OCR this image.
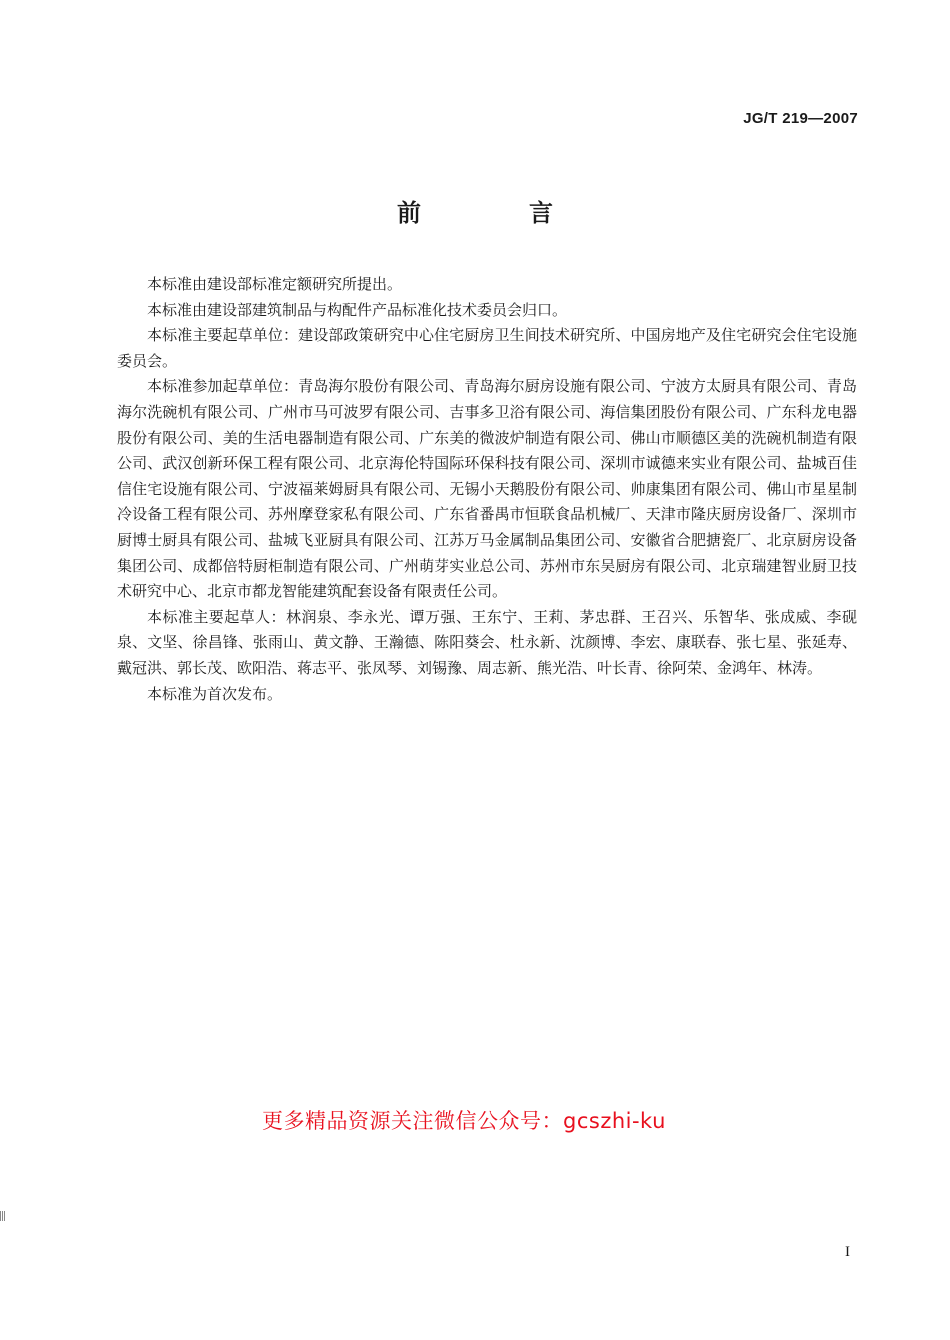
JG/T 219—2007
前　言

本标准由建设部标准定额研究所提出。

本标准由建设部建筑制品与构配件产品标准化技术委员会归口。

本标准主要起草单位：建设部政策研究中心住宅厨房卫生间技术研究所、中国房地产及住宅研究会住宅设施委员会。

本标准参加起草单位：青岛海尔股份有限公司、青岛海尔厨房设施有限公司、宁波方太厨具有限公司、青岛海尔洗碗机有限公司、广州市马可波罗有限公司、吉事多卫浴有限公司、海信集团股份有限公司、广东科龙电器股份有限公司、美的生活电器制造有限公司、广东美的微波炉制造有限公司、佛山市顺德区美的洗碗机制造有限公司、武汉创新环保工程有限公司、北京海伦特国际环保科技有限公司、深圳市诚德来实业有限公司、盐城百佳信住宅设施有限公司、宁波福莱姆厨具有限公司、无锡小天鹅股份有限公司、帅康集团有限公司、佛山市星星制冷设备工程有限公司、苏州摩登家私有限公司、广东省番禺市恒联食品机械厂、天津市隆庆厨房设备厂、深圳市厨博士厨具有限公司、盐城飞亚厨具有限公司、江苏万马金属制品集团公司、安徽省合肥搪瓷厂、北京厨房设备集团公司、成都倍特厨柜制造有限公司、广州萌芽实业总公司、苏州市东吴厨房有限公司、北京瑞建智业厨卫技术研究中心、北京市都龙智能建筑配套设备有限责任公司。

本标准主要起草人：林润泉、李永光、谭万强、王东宁、王莉、茅忠群、王召兴、乐智华、张成威、李砚泉、文坚、徐昌锋、张雨山、黄文静、王瀚德、陈阳葵会、杜永新、沈颜博、李宏、康联春、张七星、张延寿、戴冠洪、郭长茂、欧阳浩、蒋志平、张凤琴、刘锡豫、周志新、熊光浩、叶长青、徐阿荣、金鸿年、林涛。

本标准为首次发布。

更多精品资源关注微信公众号：gcszhi-ku
I
